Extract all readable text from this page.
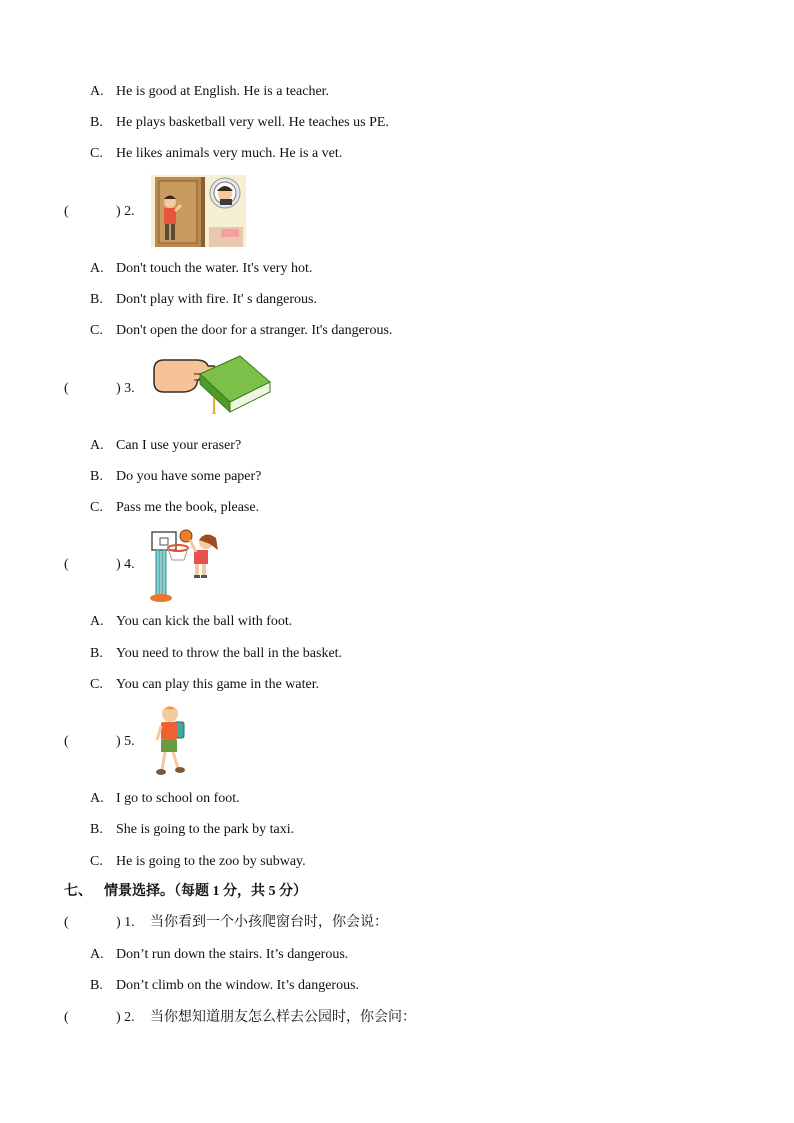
A. He is good at English. He is a teacher.
B. He plays basketball very well. He teaches us PE.
C. He likes animals very much. He is a vet.
(	) 2.
A. Don't touch the water. It's very hot.
B. Don't play with fire. It' s dangerous.
C. Don't open the door for a stranger. It's dangerous.
(	) 3.
A. Can I use your eraser?
B. Do you have some paper?
C. Pass me the book, please.
(	) 4.
A. You can kick the ball with foot.
B. You need to throw the ball in the basket.
C. You can play this game in the water.
(	) 5.
A. I go to school on foot.
B. She is going to the park by taxi.
C. He is going to the zoo by subway.
七、 情景选择。（每题 1 分，共 5 分）
(	) 1. 当你看到一个小孩爬窗台时，你会说：
A. Don’t run down the stairs. It’s dangerous.
B. Don’t climb on the window. It’s dangerous.
(	) 2. 当你想知道朋友怎么样去公园时，你会问：
